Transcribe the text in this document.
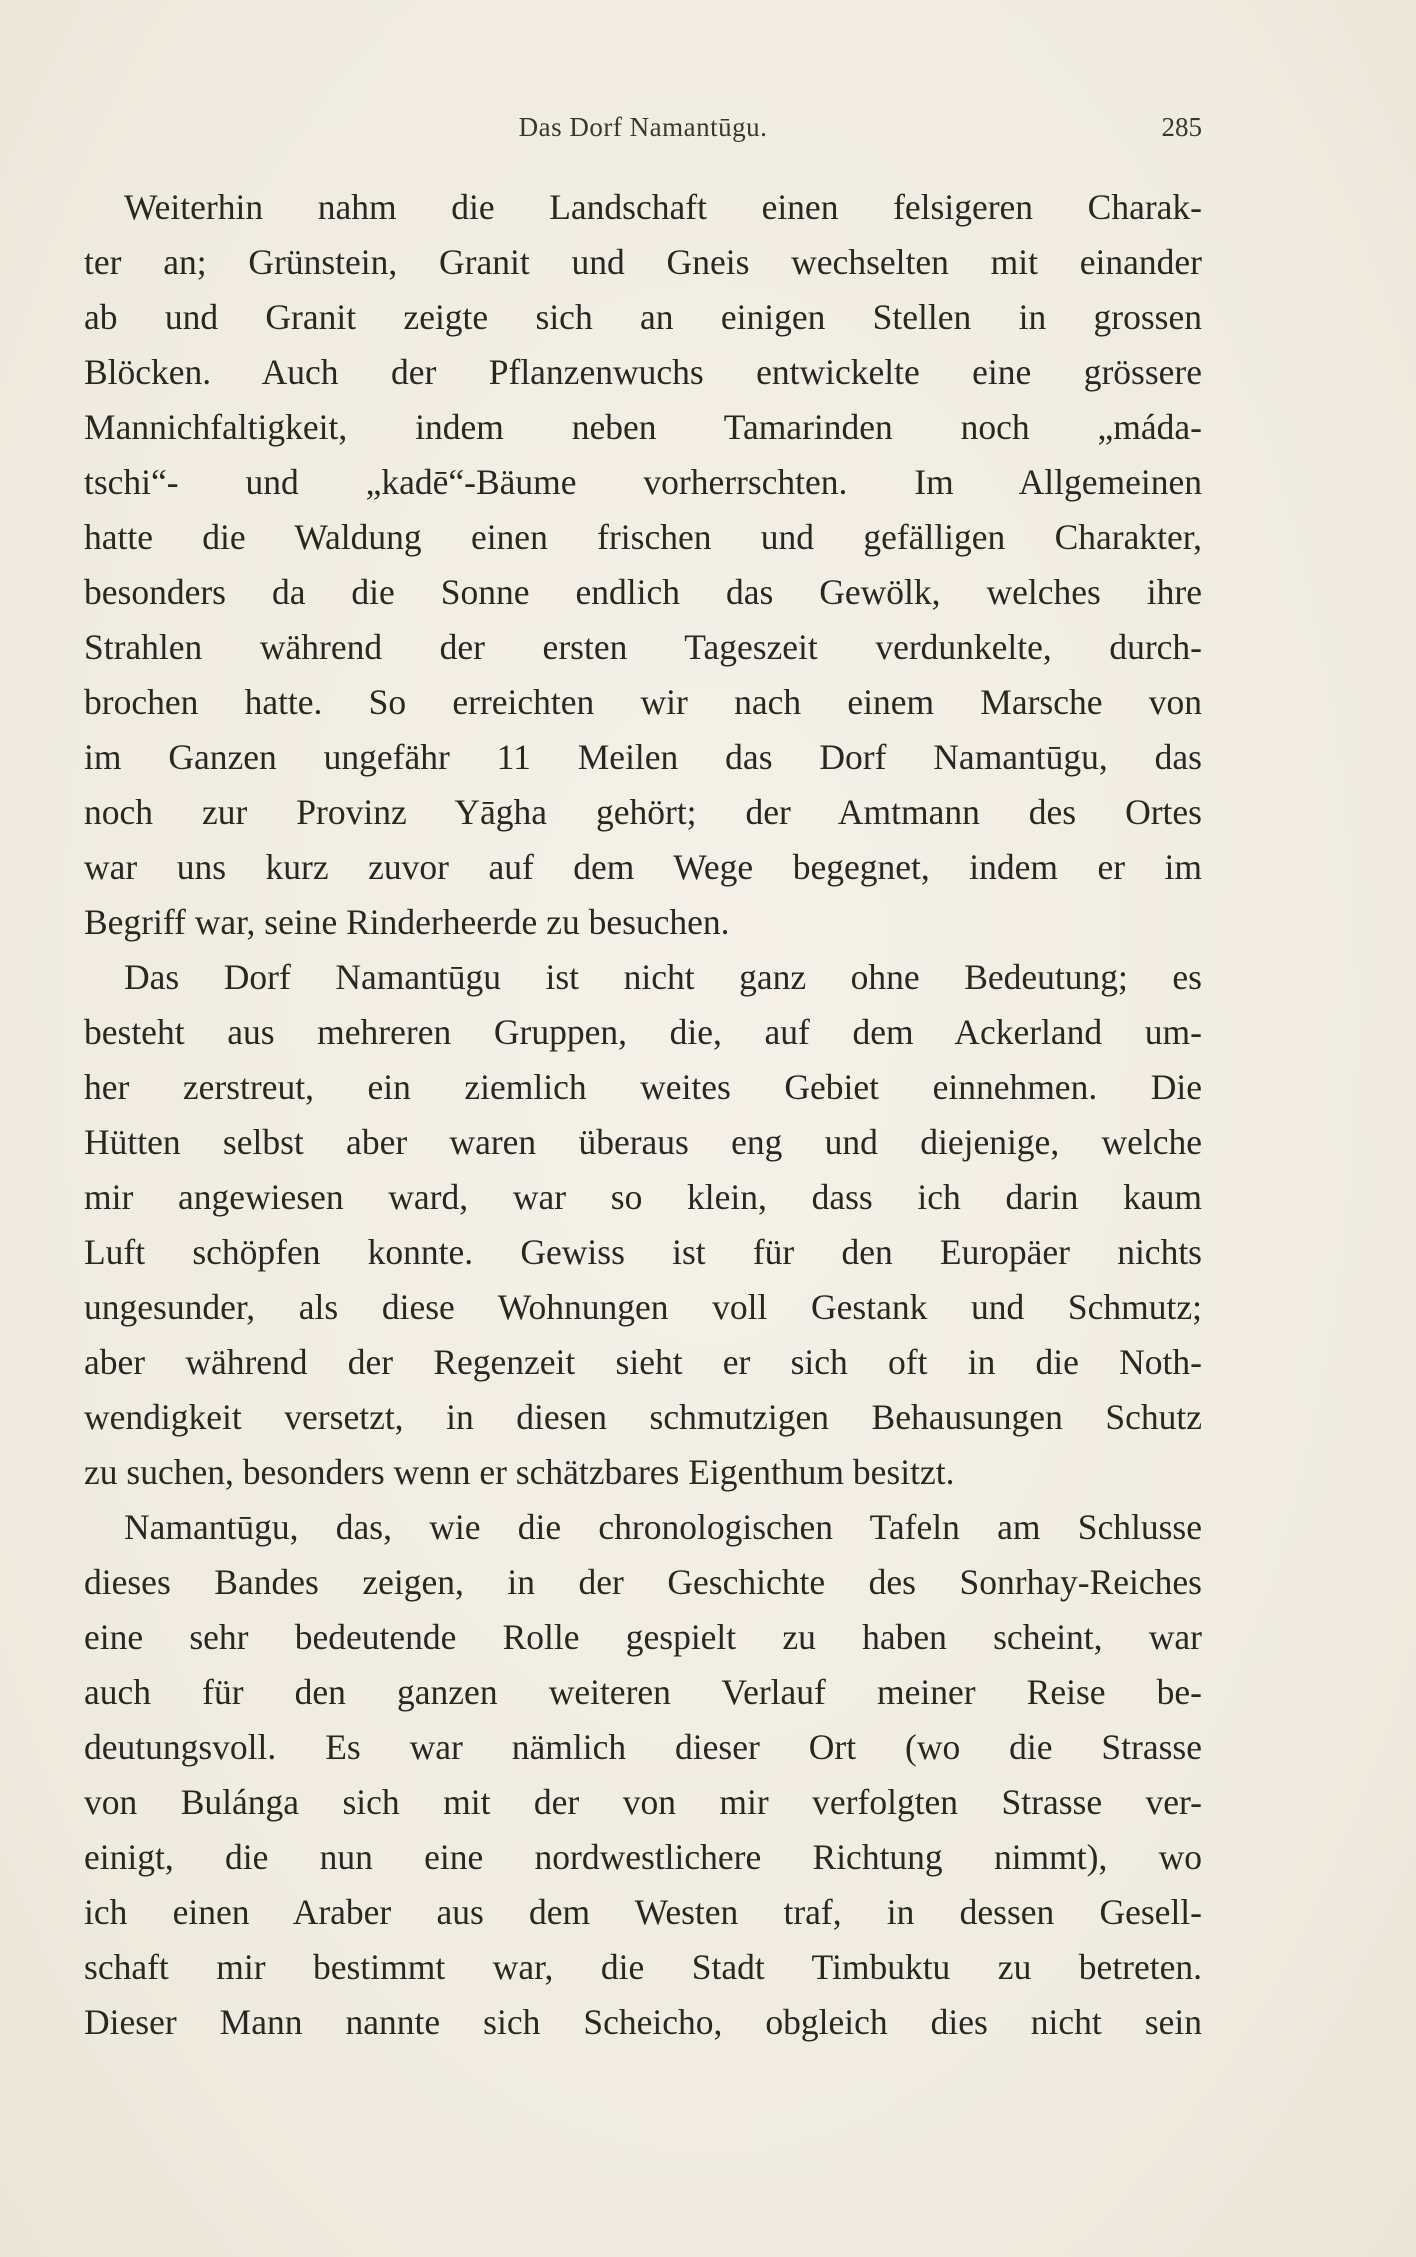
Das Dorf Namantūgu.	285
Weiterhin nahm die Landschaft einen felsigeren Charak-
ter an; Grünstein, Granit und Gneis wechselten mit einander
ab und Granit zeigte sich an einigen Stellen in grossen
Blöcken. Auch der Pflanzenwuchs entwickelte eine grössere
Mannichfaltigkeit, indem neben Tamarinden noch „máda-
tschi“- und „kadē“-Bäume vorherrschten. Im Allgemeinen
hatte die Waldung einen frischen und gefälligen Charakter,
besonders da die Sonne endlich das Gewölk, welches ihre
Strahlen während der ersten Tageszeit verdunkelte, durch-
brochen hatte. So erreichten wir nach einem Marsche von
im Ganzen ungefähr 11 Meilen das Dorf Namantūgu, das
noch zur Provinz Yāgha gehört; der Amtmann des Ortes
war uns kurz zuvor auf dem Wege begegnet, indem er im
Begriff war, seine Rinderheerde zu besuchen.
Das Dorf Namantūgu ist nicht ganz ohne Bedeutung; es
besteht aus mehreren Gruppen, die, auf dem Ackerland um-
her zerstreut, ein ziemlich weites Gebiet einnehmen. Die
Hütten selbst aber waren überaus eng und diejenige, welche
mir angewiesen ward, war so klein, dass ich darin kaum
Luft schöpfen konnte. Gewiss ist für den Europäer nichts
ungesunder, als diese Wohnungen voll Gestank und Schmutz;
aber während der Regenzeit sieht er sich oft in die Noth-
wendigkeit versetzt, in diesen schmutzigen Behausungen Schutz
zu suchen, besonders wenn er schätzbares Eigenthum besitzt.
Namantūgu, das, wie die chronologischen Tafeln am Schlusse
dieses Bandes zeigen, in der Geschichte des Sonrhay-Reiches
eine sehr bedeutende Rolle gespielt zu haben scheint, war
auch für den ganzen weiteren Verlauf meiner Reise be-
deutungsvoll. Es war nämlich dieser Ort (wo die Strasse
von Bulánga sich mit der von mir verfolgten Strasse ver-
einigt, die nun eine nordwestlichere Richtung nimmt), wo
ich einen Araber aus dem Westen traf, in dessen Gesell-
schaft mir bestimmt war, die Stadt Timbuktu zu betreten.
Dieser Mann nannte sich Scheicho, obgleich dies nicht sein
